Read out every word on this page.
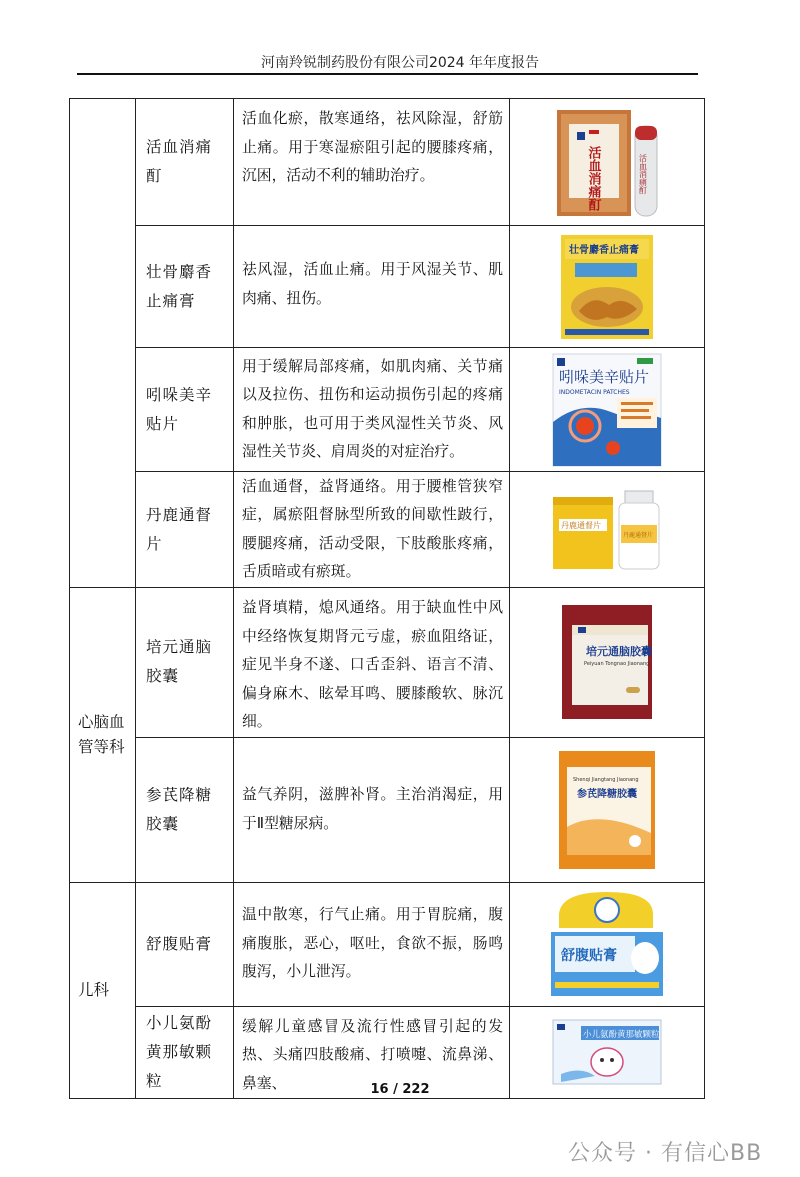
河南羚锐制药股份有限公司2024 年年度报告
	活血消痛酊	活血化瘀，散寒通络，祛风除湿，舒筋止痛。用于寒湿瘀阻引起的腰膝疼痛，沉困，活动不利的辅助治疗。	活血消痛酊 活血消痛酊

	壮骨麝香止痛膏	祛风湿，活血止痛。用于风湿关节、肌肉痛、扭伤。	壮骨麝香止痛膏

	吲哚美辛贴片	用于缓解局部疼痛，如肌肉痛、关节痛以及拉伤、扭伤和运动损伤引起的疼痛和肿胀，也可用于类风湿性关节炎、风湿性关节炎、肩周炎的对症治疗。	吲哚美辛贴片
INDOMETACIN PATCHES

	丹鹿通督片	活血通督，益肾通络。用于腰椎管狭窄症，属瘀阻督脉型所致的间歇性跛行，腰腿疼痛，活动受限，下肢酸胀疼痛，舌质暗或有瘀斑。	丹鹿通督片
丹鹿通督片

心脑血管等科	培元通脑胶囊	益肾填精，熄风通络。用于缺血性中风中经络恢复期肾元亏虚，瘀血阻络证，症见半身不遂、口舌歪斜、语言不清、偏身麻木、眩晕耳鸣、腰膝酸软、脉沉细。	培元通脑胶囊
Peiyuan Tongnao Jiaonang

	参芪降糖胶囊	益气养阴，滋脾补肾。主治消渴症，用于Ⅱ型糖尿病。	Shenqi Jiangtang Jiaonang
参芪降糖胶囊

儿科	舒腹贴膏	温中散寒，行气止痛。用于胃脘痛，腹痛腹胀，恶心，呕吐，食欲不振，肠鸣腹泻，小儿泄泻。	舒腹贴膏

	小儿氨酚黄那敏颗粒	缓解儿童感冒及流行性感冒引起的发热、头痛四肢酸痛、打喷嚏、流鼻涕、鼻塞、	小儿氨酚黄那敏颗粒
16 / 222
公众号 · 有信心BB
